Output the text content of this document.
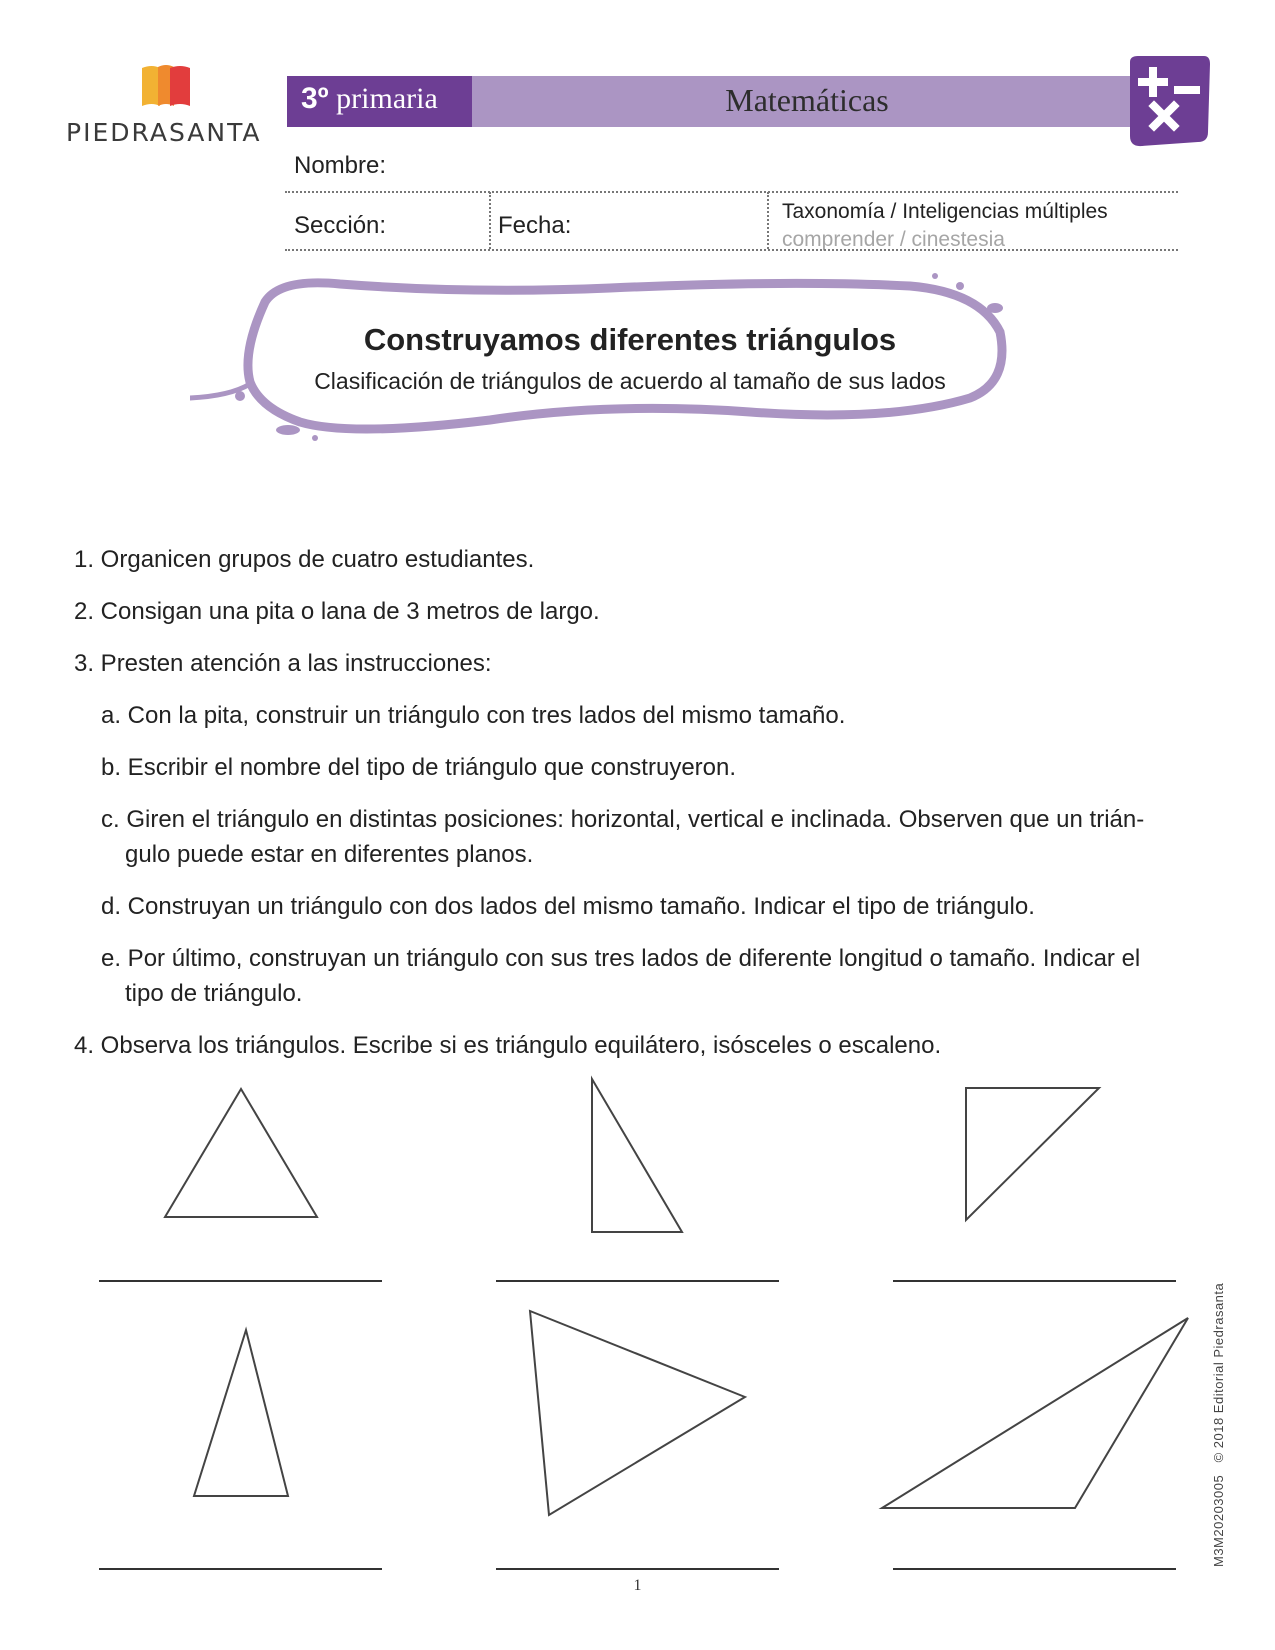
PIEDRASANTA
3º primaria	Matemáticas
Nombre:
Sección:	Fecha:
Taxonomía / Inteligencias múltiples
comprender / cinestesia
Construyamos diferentes triángulos
Clasificación de triángulos de acuerdo al tamaño de sus lados
1. Organicen grupos de cuatro estudiantes.
2. Consigan una pita o lana de 3 metros de largo.
3. Presten atención a las instrucciones:
a. Con la pita, construir un triángulo con tres lados del mismo tamaño.
b. Escribir el nombre del tipo de triángulo que construyeron.
c. Giren el triángulo en distintas posiciones: horizontal, vertical e inclinada. Observen que un trián-
gulo puede estar en diferentes planos.
d. Construyan un triángulo con dos lados del mismo tamaño. Indicar el tipo de triángulo.
e. Por último, construyan un triángulo con sus tres lados de diferente longitud o tamaño. Indicar el
tipo de triángulo.
4. Observa los triángulos. Escribe si es triángulo equilátero, isósceles o escaleno.
1
M3M2020300​5   © 2018 Editorial Piedrasanta
